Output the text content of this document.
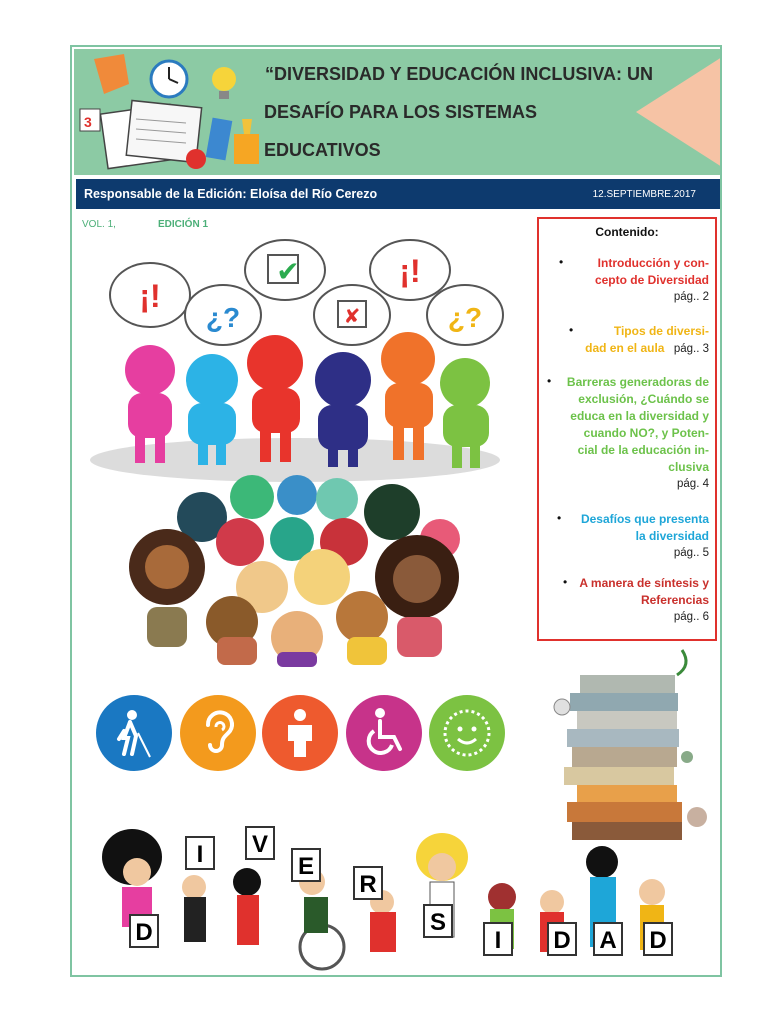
3
“DIVERSIDAD Y EDUCACIÓN INCLUSIVA: UN
DESAFÍO PARA LOS SISTEMAS EDUCATIVOS
Responsable de la Edición: Eloísa del Río Cerezo	12.SEPTIEMBRE.2017
VOL. 1,	EDICIÓN 1
¡!
¿?
✔
✘
¡!
¿?
D
I V
E
R
S
I D A D
Contenido:
•	Introducción y con-
cepto de Diversidad
pág.. 2
•	Tipos de diversi-
dad en el aula pág.. 3
• Barreras generadoras de
exclusión, ¿Cuándo se
educa en la diversidad y
cuando NO?, y Poten-
cial de la educación in-
clusiva
pág. 4
• Desafíos que presenta
la diversidad
pág.. 5
• A manera de síntesis y
Referencias
pág.. 6
